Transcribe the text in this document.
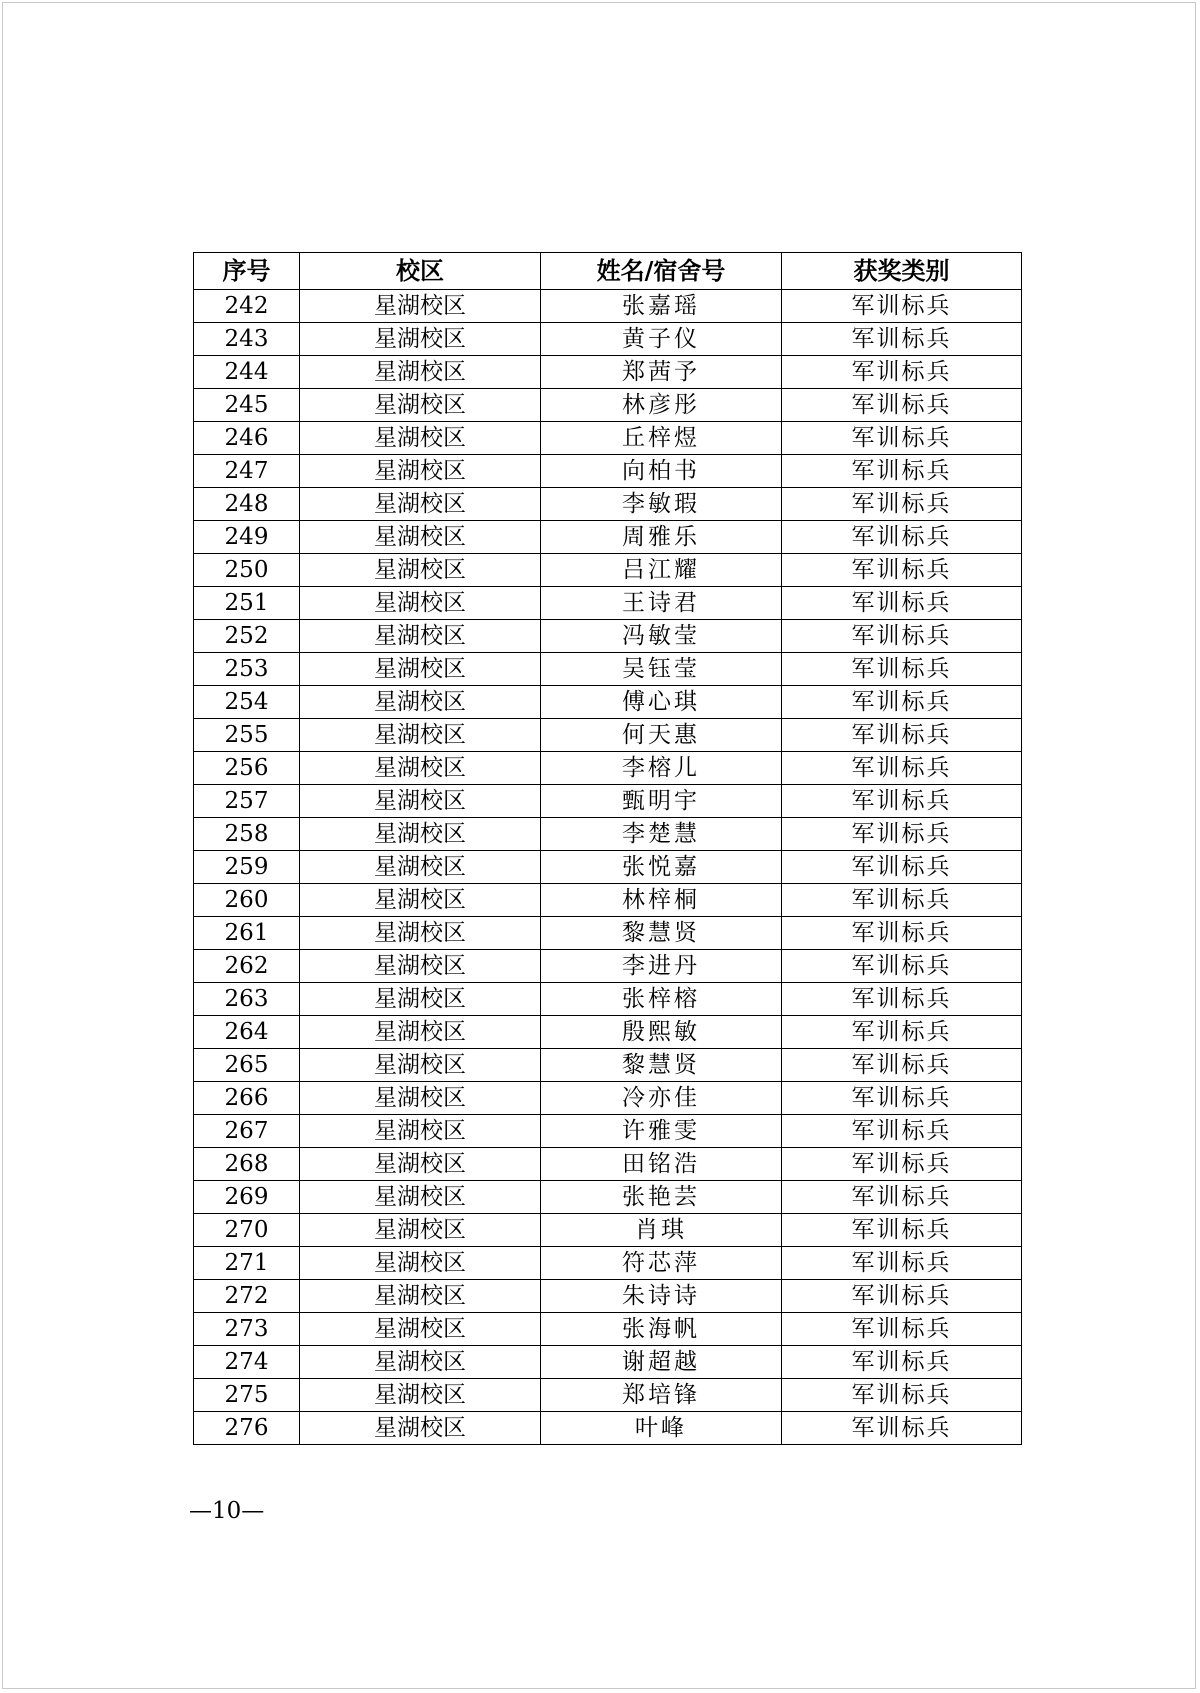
序号	校区	姓名/宿舍号	获奖类别
242	星湖校区	张嘉瑶	军训标兵
243	星湖校区	黄子仪	军训标兵
244	星湖校区	郑茜予	军训标兵
245	星湖校区	林彦彤	军训标兵
246	星湖校区	丘梓煜	军训标兵
247	星湖校区	向柏书	军训标兵
248	星湖校区	李敏瑕	军训标兵
249	星湖校区	周雅乐	军训标兵
250	星湖校区	吕江耀	军训标兵
251	星湖校区	王诗君	军训标兵
252	星湖校区	冯敏莹	军训标兵
253	星湖校区	吴钰莹	军训标兵
254	星湖校区	傅心琪	军训标兵
255	星湖校区	何天惠	军训标兵
256	星湖校区	李榕儿	军训标兵
257	星湖校区	甄明宇	军训标兵
258	星湖校区	李楚慧	军训标兵
259	星湖校区	张悦嘉	军训标兵
260	星湖校区	林梓桐	军训标兵
261	星湖校区	黎慧贤	军训标兵
262	星湖校区	李进丹	军训标兵
263	星湖校区	张梓榕	军训标兵
264	星湖校区	殷熙敏	军训标兵
265	星湖校区	黎慧贤	军训标兵
266	星湖校区	冷亦佳	军训标兵
267	星湖校区	许雅雯	军训标兵
268	星湖校区	田铭浩	军训标兵
269	星湖校区	张艳芸	军训标兵
270	星湖校区	肖琪	军训标兵
271	星湖校区	符芯萍	军训标兵
272	星湖校区	朱诗诗	军训标兵
273	星湖校区	张海帆	军训标兵
274	星湖校区	谢超越	军训标兵
275	星湖校区	郑培锋	军训标兵
276	星湖校区	叶峰	军训标兵
—10—
